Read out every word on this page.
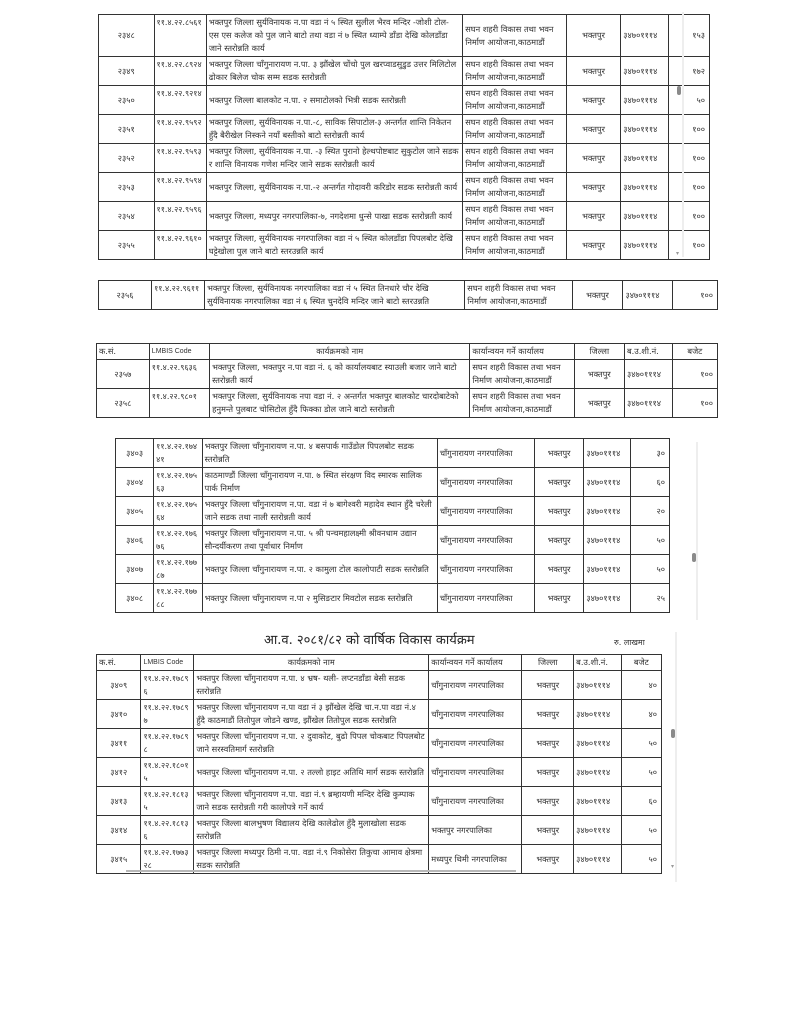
२३४८	११.४.२२.८५६१	भक्तपुर जिल्ला सुर्यविनायक न.पा वडा नं ५ स्थित सुलील भैरव मन्दिर -जोशी टोल- एस एस कलेज को पुल जाने बाटो तथा वडा नं ७ स्थित ध्याम्पे डाँडा देखि कोलडाँडा जाने स्तरोन्नति कार्य	सघन शहरी विकास तथा भवन निर्माण आयोजना,काठमाडौं	भक्तपुर	३४७०१११४	१५३
२३४९	११.४.२२.८९२४	भक्तपुर जिल्ला चाँगुनारायण न.पा. ३ झौंखेल चोंचो पुल खरप्वाडसुडुड उत्तर मिलिटोल ढोकार बिलेज चोक सम्म सडक स्तरोन्नती	सघन शहरी विकास तथा भवन निर्माण आयोजना,काठमाडौं	भक्तपुर	३४७०१११४	१७२
२३५०	११.४.२२.९२१४	भक्तपुर जिल्ला बालकोट न.पा. २ समाटोलको भित्री सडक स्तरोन्नती	सघन शहरी विकास तथा भवन निर्माण आयोजना,काठमाडौं	भक्तपुर	३४७०१११४	५०
२३५१	११.४.२२.९५९२	भक्तपुर जिल्ला, सुर्यविनायक न.पा.-८, साविक सिपाटोल-३ अन्तर्गत शान्ति निकेतन हुँदै बैरीखेल निस्कने नयाँ बस्तीको बाटो स्तरोन्नती कार्य	सघन शहरी विकास तथा भवन निर्माण आयोजना,काठमाडौं	भक्तपुर	३४७०१११४	१००
२३५२	११.४.२२.९५९३	भक्तपुर जिल्ला, सुर्यविनायक न.पा. -३ स्थित पुरानो हेल्थपोष्टबाट सुकुटोल जाने सडक र शान्ति विनायक गणेश मन्दिर जाने सडक स्तरोन्नती कार्य	सघन शहरी विकास तथा भवन निर्माण आयोजना,काठमाडौं	भक्तपुर	३४७०१११४	१००
२३५३	११.४.२२.९५९४	भक्तपुर जिल्ला, सुर्यविनायक न.पा.-२ अन्तर्गत गोदावरी करिडोर सडक स्तरोन्नती कार्य	सघन शहरी विकास तथा भवन निर्माण आयोजना,काठमाडौं	भक्तपुर	३४७०१११४	१००
२३५४	११.४.२२.९५९६	भक्तपुर जिल्ला, मध्यपुर नगरपालिका-७, नगदेशमा धुन्से पाखा सडक स्तरोन्नती कार्य	सघन शहरी विकास तथा भवन निर्माण आयोजना,काठमाडौं	भक्तपुर	३४७०१११४	१००
२३५५	११.४.२२.९६१०	भक्तपुर जिल्ला, सुर्यविनायक नगरपालिका वडा नं ५ स्थित कोलडाँडा पिपलबोट देखि घट्टेखोला पुल जाने बाटो स्तरउन्नति कार्य	सघन शहरी विकास तथा भवन निर्माण आयोजना,काठमाडौं	भक्तपुर	३४७०१११४	१००
▾
२३५६	११.४.२२.९६११	भक्तपुर जिल्ला, सुर्यविनायक नगरपालिका वडा नं ५ स्थित तिनधारे चौर देखि सुर्यविनायक नगरपालिका वडा नं ६ स्थित चुनदेवि मन्दिर जाने बाटो स्तरउन्नति	सघन शहरी विकास तथा भवन निर्माण आयोजना,काठमाडौं	भक्तपुर	३४७०१११४	१००
क.सं.	LMBIS Code	कार्यक्रमको नाम	कार्यान्वयन गर्ने कार्यालय	जिल्ला	ब.उ.शी.नं.	बजेट
२३५७	११.४.२२.९६३६	भक्तपुर जिल्ला, भक्तपुर न.पा वडा नं. ६ को कार्यालयबाट स्याउली बजार जाने बाटो स्तरोन्नती कार्य	सघन शहरी विकास तथा भवन निर्माण आयोजना,काठमाडौं	भक्तपुर	३४७०१११४	१००
२३५८	११.४.२२.९८०१	भक्तपुर जिल्ला, सुर्यविनायक नपा वडा नं. २ अन्तर्गत भक्तपुर बालकोट चारदोबाटेको हनुमन्ते पुलबाट चोसिटोल हुँदै फिक्का डोल जाने बाटो स्तरोन्नती	सघन शहरी विकास तथा भवन निर्माण आयोजना,काठमाडौं	भक्तपुर	३४७०१११४	१००
३४०३	११.४.२२.१७४४१	भक्तपुर जिल्ला चाँगुनारायण न.पा. ४ बसपार्क गाउँडोल पिपलबोट सडक स्तरोन्नति	चाँगुनारायण नगरपालिका	भक्तपुर	३४७०१११४	३०
३४०४	११.४.२२.१७५६३	काठमाण्डौं जिल्ला चाँगुनारायण न.पा. ७ स्थित संरक्षण विद स्मारक सालिक पार्क निर्माण	चाँगुनारायण नगरपालिका	भक्तपुर	३४७०१११४	६०
३४०५	११.४.२२.१७५६४	भक्तपुर जिल्ला चाँगुनारायण न.पा. वडा नं ७ बागेश्वरी महादेव स्थान हुँदै चरेली जाने सडक तथा नाली स्तरोन्नती कार्य	चाँगुनारायण नगरपालिका	भक्तपुर	३४७०१११४	२०
३४०६	११.४.२२.१७६७६	भक्तपुर जिल्ला चाँगुनारायण न.पा. ५ श्री पन्चमहालक्ष्मी श्रीवनधाम उद्यान सौन्दर्यीकरण तथा पूर्वाधार निर्माण	चाँगुनारायण नगरपालिका	भक्तपुर	३४७०१११४	५०
३४०७	११.४.२२.१७७८७	भक्तपुर जिल्ला चाँगुनारायण न.पा. २ कामुला टोल कालोपाटी सडक स्तरोन्नति	चाँगुनारायण नगरपालिका	भक्तपुर	३४७०१११४	५०
३४०८	११.४.२२.१७७८८	भक्तपुर जिल्ला चाँगुनारायण न.पा २ मुसिङटार मिवटोल सडक स्तरोन्नति	चाँगुनारायण नगरपालिका	भक्तपुर	३४७०१११४	२५
आ.व. २०८१/८२ को वार्षिक विकास कार्यक्रम	रु. लाखमा
क.सं.	LMBIS Code	कार्यक्रमको नाम	कार्यान्वयन गर्ने कार्यालय	जिल्ला	ब.उ.शी.नं.	बजेट
३४०९	११.४.२२.१७८९६	भक्तपुर जिल्ला चाँगुनारायण न.पा. ४ भ्रष- थली- लप्टनडाँडा बेसी सडक स्तरोन्नति	चाँगुनारायण नगरपालिका	भक्तपुर	३४७०१११४	४०
३४१०	११.४.२२.१७८९७	भक्तपुर जिल्ला चाँगुनारायण न.पा वडा नं ३ झौंखेल देखि चा.न.पा वडा नं.४ हुँदै काठमाडौं तितोपुल जोडने खण्ड, झौंखेल तितोपुल सडक स्तरोन्नति	चाँगुनारायण नगरपालिका	भक्तपुर	३४७०१११४	४०
३४११	११.४.२२.१७८९८	भक्तपुर जिल्ला चाँगुनारायण न.पा. २ दुवाकोट, बुढो पिपल चोकबाट पिपलबोट जाने सरस्वतिमार्ग स्तरोन्नति	चाँगुनारायण नगरपालिका	भक्तपुर	३४७०१११४	५०
३४१२	११.४.२२.१८०१५	भक्तपुर जिल्ला चाँगुनारायण न.पा. २ तल्लो हाइट अतिथि मार्ग सडक स्तरोन्नति	चाँगुनारायण नगरपालिका	भक्तपुर	३४७०१११४	५०
३४१३	११.४.२२.१८१३५	भक्तपुर जिल्ला चाँगुनारायण न.पा. वडा नं.९ ब्रम्हायणी मन्दिर देखि कुम्पाक जाने सडक स्तरोन्नती गरी कालोपत्रे गर्ने कार्य	चाँगुनारायण नगरपालिका	भक्तपुर	३४७०१११४	६०
३४१४	११.४.२२.१८१३६	भक्तपुर जिल्ला बालभुषण विद्यालय देखि कालेढोल हुँदै मुलाखोला सडक स्तरोन्नति	भक्तपुर नगरपालिका	भक्तपुर	३४७०१११४	५०
३४१५	११.४.२२.१७७३२८	भक्तपुर जिल्ला मध्यपुर ठिमी न.पा. वडा नं.९ निकोसेरा तिकुचा आमाव क्षेत्रमा सडक स्तरोन्नति	मध्यपुर थिमी नगरपालिका	भक्तपुर	३४७०१११४	५०
▾
